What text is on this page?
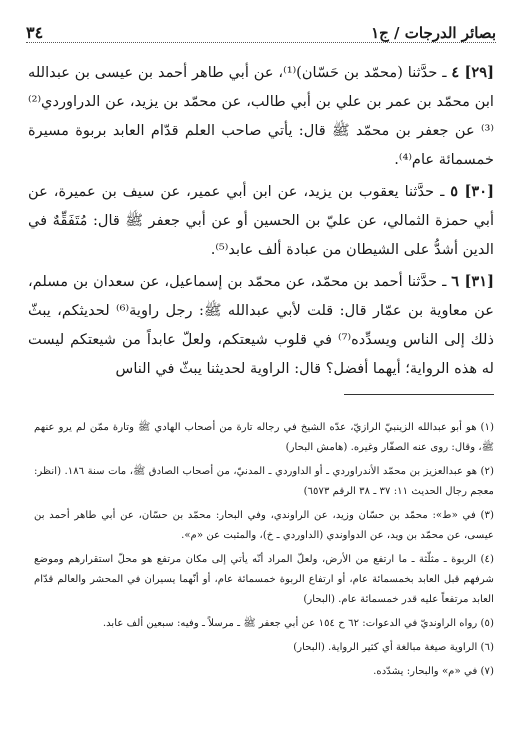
بصائر الدرجات / ج١
٣٤

[٢٩] ٤ ـ حدَّثنا (محمّد بن حَسّان)⁽¹⁾، عن أبي طاهر أحمد بن عيسى بن عبدالله ابن محمّد بن عمر بن علي بن أبي طالب، عن محمّد بن يزيد، عن الدراوردي⁽²⁾⁽³⁾ عن جعفر بن محمّد ﷺ قال: يأتي صاحب العلم قدّام العابد بربوة مسيرة خمسمائة عام⁽⁴⁾.

[٣٠] ٥ ـ حدَّثنا يعقوب بن يزيد، عن ابن أبي عمير، عن سيف بن عميرة، عن أبي حمزة الثمالي، عن عليّ بن الحسين أو عن أبي جعفر ﷺ قال: مُتَفَقِّهٌ في الدين أشدُّ على الشيطان من عبادة ألف عابد⁽⁵⁾.

[٣١] ٦ ـ حدَّثنا أحمد بن محمّد، عن محمّد بن إسماعيل، عن سعدان بن مسلم، عن معاوية بن عمّار قال: قلت لأبي عبدالله ﷺ: رجل راوية⁽⁶⁾ لحديثكم، يبثّ ذلك إلى الناس ويسدِّده⁽⁷⁾ في قلوب شيعتكم، ولعلّ عابداً من شيعتكم ليست له هذه الرواية؛ أيهما أفضل؟ قال: الراوية لحديثنا يبثّ في الناس

(١) هو أبو عبدالله الزينبيّ الرازيّ، عدّه الشيخ في رجاله تارة من أصحاب الهادي ﷺ وتارة ممّن لم يرو عنهم ﷺ، وقال: روى عنه الصفّار وغيره. (هامش البحار)

(٢) هو عبدالعزيز بن محمّد الأندراوردي ـ أو الداوردي ـ المدنيّ، من أصحاب الصادق ﷺ، مات سنة ١٨٦. (انظر: معجم رجال الحديث ١١: ٣٧ ـ ٣٨ الرقم ٦٥٧٣)

(٣) في «ط»: محمّد بن حسّان وزيد، عن الراوندي، وفي البحار: محمّد بن حسّان، عن أبي طاهر أحمد بن عيسى، عن محمّد بن ويد، عن الدواوندي (الداوردي ـ خ)، والمثبت عن «م».

(٤) الربوة ـ مثلّثة ـ ما ارتفع من الأرض، ولعلّ المراد أنّه يأتي إلى مكان مرتفع هو محلّ استقرارهم وموضع شرفهم قبل العابد بخمسمائة عام، أو ارتفاع الربوة خمسمائة عام، أو أنّهما يسيران في المحشر والعالم قدّام العابد مرتفعاً عليه قدر خمسمائة عام. (البحار)

(٥) رواه الراونديّ في الدعوات: ٦٢ ح ١٥٤ عن أبي جعفر ﷺ ـ مرسلاً ـ وفيه: سبعين ألف عابد.

(٦) الراوية صيغة مبالغة أي كثير الرواية. (البحار)

(٧) في «م» والبحار: يشدّده.
